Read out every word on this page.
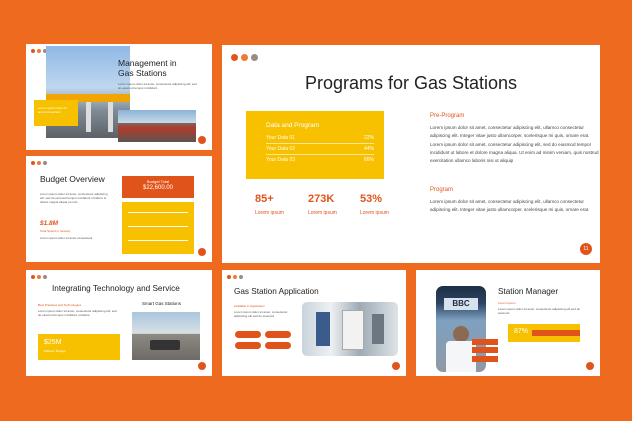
Lorem ipsum dolor sit amet consectetur
Management in
Gas Stations
Lorem ipsum dolor sit amet, consectetur adipiscing elit, sed do eiusmod tempor incididunt
Budget Overview
Lorem ipsum dolor sit amet, consectetur adipiscing elit, sed do eiusmod tempor incididunt ut labore et dolore magna aliqua ut enim
$1.8M
Total Spend in January
Lorem ipsum dolor sit amet consectetur
Budget Total
$22,600.00
Integrating Technology and Service
Best Practices and Technologies
Lorem ipsum dolor sit amet, consectetur adipiscing elit, sed do eiusmod tempor incididunt ut labore
$25M
Platform Budget
Smart Gas Stations
Programs for Gas Stations
Data and Program
Your Data 01	22%
Your Data 02	44%
Your Data 03	66%
85+
Lorem ipsum
273K
Lorem ipsum
53%
Lorem ipsum
Pre-Program
Lorem ipsum dolor sit amet, consectetur adipiscing elit, ullamco consectetur adipiscing elit. Integer vitae justo ullamcorper, scelerisque mi quis, ornare erat. Lorem ipsum dolor sit amet, consectetur adipiscing elit, sed do eiusmod tempor incididunt ut labore et dolore magna aliqua. Ut enim ad minim veniam, quis nostrud exercitation ullamco laboris nisi ut aliquip
Program
Lorem ipsum dolor sit amet, consectetur adipiscing elit, ullamco consectetur adipiscing elit. Integer vitae justo ullamcorper, scelerisque mi quis, ornare erat.
11
Gas Station Application
Available in Application
Lorem ipsum dolor sit amet, consectetur adipiscing elit sed do eiusmod
BBC
Station Manager
Lorem Ipsum
Lorem ipsum dolor sit amet, consectetur adipiscing elit sed do eiusmod
87%
